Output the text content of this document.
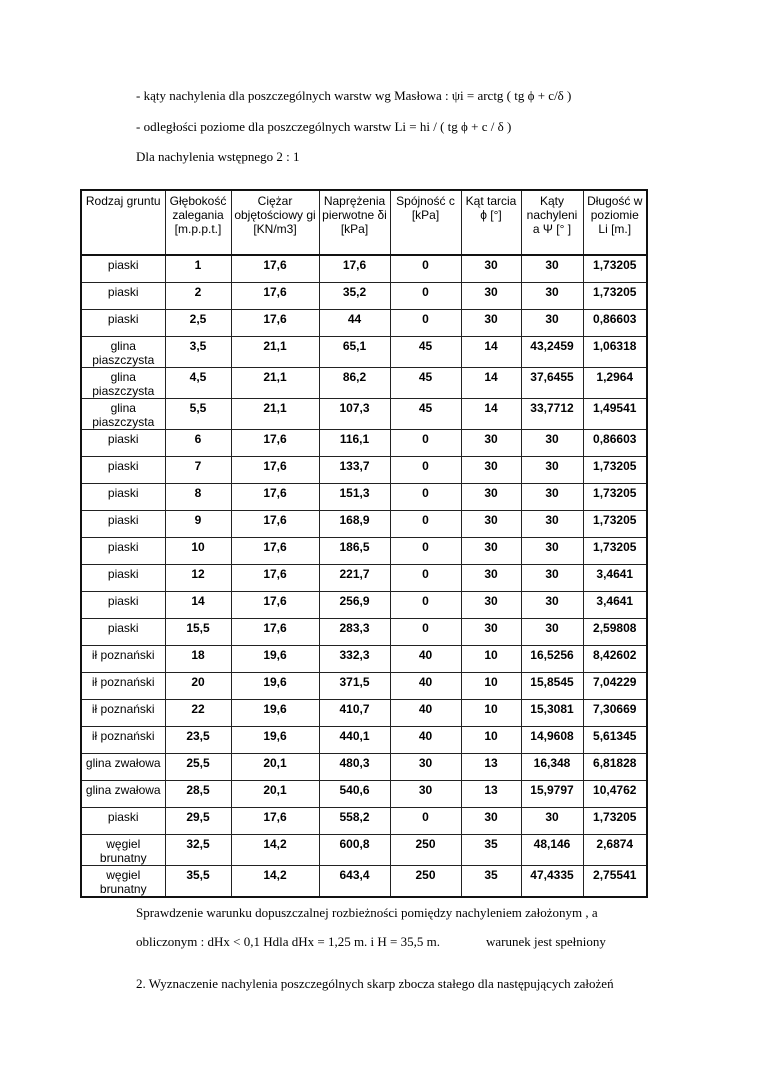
- kąty nachylenia dla poszczególnych warstw wg Masłowa : ψi = arctg ( tg ϕ + c/δ )
- odległości poziome dla poszczególnych warstw Li = hi / ( tg ϕ + c / δ )
Dla nachylenia wstępnego 2 : 1
Rodzaj gruntu	Głębokość zalegania [m.p.p.t.]	Ciężar objętościowy gi [KN/m3]	Naprężenia pierwotne δi [kPa]	Spójność c [kPa]	Kąt tarcia ϕ [°]	Kąty nachyleni a Ψ [° ]	Długość w poziomie Li [m.]
piaski	1	17,6	17,6	0	30	30	1,73205
piaski	2	17,6	35,2	0	30	30	1,73205
piaski	2,5	17,6	44	0	30	30	0,86603
glina piaszczysta	3,5	21,1	65,1	45	14	43,2459	1,06318
glina piaszczysta	4,5	21,1	86,2	45	14	37,6455	1,2964
glina piaszczysta	5,5	21,1	107,3	45	14	33,7712	1,49541
piaski	6	17,6	116,1	0	30	30	0,86603
piaski	7	17,6	133,7	0	30	30	1,73205
piaski	8	17,6	151,3	0	30	30	1,73205
piaski	9	17,6	168,9	0	30	30	1,73205
piaski	10	17,6	186,5	0	30	30	1,73205
piaski	12	17,6	221,7	0	30	30	3,4641
piaski	14	17,6	256,9	0	30	30	3,4641
piaski	15,5	17,6	283,3	0	30	30	2,59808
ił poznański	18	19,6	332,3	40	10	16,5256	8,42602
ił poznański	20	19,6	371,5	40	10	15,8545	7,04229
ił poznański	22	19,6	410,7	40	10	15,3081	7,30669
ił poznański	23,5	19,6	440,1	40	10	14,9608	5,61345
glina zwałowa	25,5	20,1	480,3	30	13	16,348	6,81828
glina zwałowa	28,5	20,1	540,6	30	13	15,9797	10,4762
piaski	29,5	17,6	558,2	0	30	30	1,73205
węgiel brunatny	32,5	14,2	600,8	250	35	48,146	2,6874
węgiel brunatny	35,5	14,2	643,4	250	35	47,4335	2,75541
Sprawdzenie warunku dopuszczalnej rozbieżności pomiędzy nachyleniem założonym , a
obliczonym : dHx < 0,1 Hdla dHx = 1,25 m. i H = 35,5 m.	warunek jest spełniony
2. Wyznaczenie nachylenia poszczególnych skarp zbocza stałego dla następujących założeń
